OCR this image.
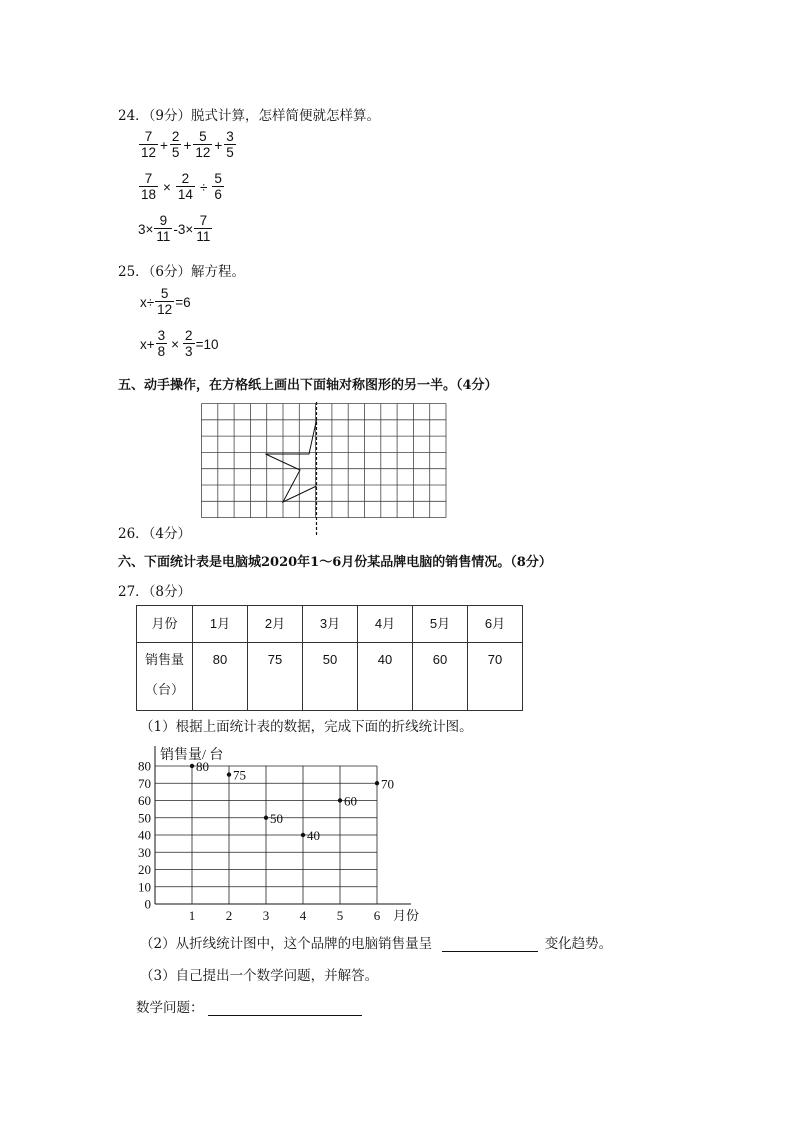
24．（9分）脱式计算，怎样简便就怎样算。
$\frac{7}{12} + \frac{2}{5} + \frac{5}{12} + \frac{3}{5}$
$\frac{7}{18} \times \frac{2}{14} \div \frac{5}{6}$
$3\times \frac{9}{11} -3\times \frac{7}{11}$
25．（6分）解方程。
$x\div \frac{5}{12} =6$
$x+ \frac{3}{8} \times \frac{2}{3} =10$
五、动手操作，在方格纸上画出下面轴对称图形的另一半。（4分）
26．（4分）
六、下面统计表是电脑城2020年1～6月份某品牌电脑的销售情况。（8分）
27．（8分）
月份	1月	2月	3月	4月	5月	6月

销售量
（台）	80	75	50	40	60	70
（1）根据上面统计表的数据，完成下面的折线统计图。
0
10
20
30
40
50
60
70
80
1 2 3 4 5 6
销售量/ 台
月份
80
75
50
40
60
70
（2）从折线统计图中，这个品牌的电脑销售量呈	变化趋势。
（3）自己提出一个数学问题，并解答。
数学问题：
